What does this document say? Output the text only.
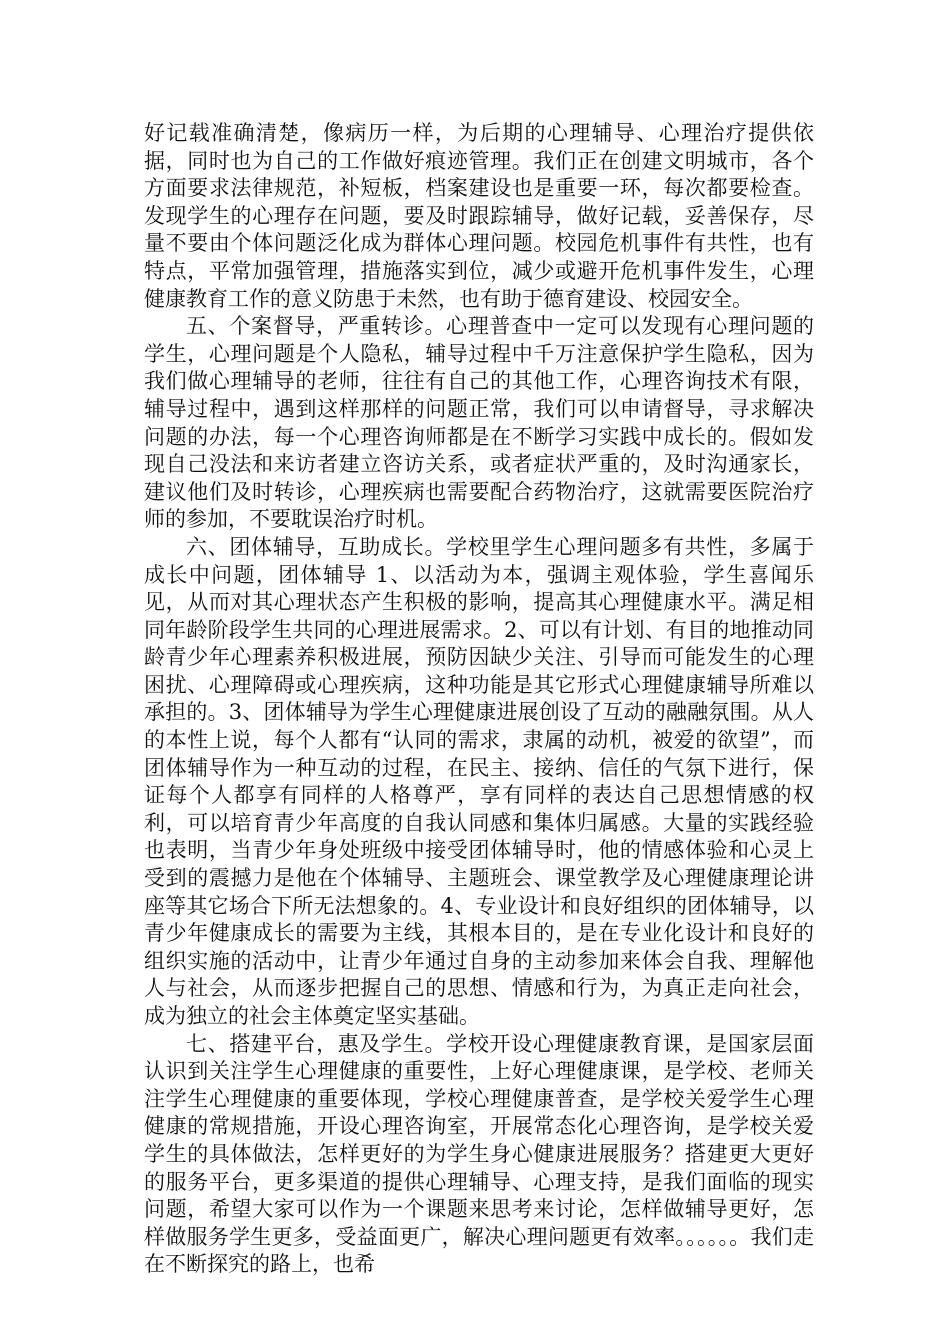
好记载准确清楚，像病历一样，为后期的心理辅导、心理治疗提供依据，同时也为自己的工作做好痕迹管理。我们正在创建文明城市，各个方面要求法律规范，补短板，档案建设也是重要一环，每次都要检查。发现学生的心理存在问题，要及时跟踪辅导，做好记载，妥善保存，尽量不要由个体问题泛化成为群体心理问题。校园危机事件有共性，也有特点，平常加强管理，措施落实到位，减少或避开危机事件发生，心理健康教育工作的意义防患于未然，也有助于德育建设、校园安全。

五、个案督导，严重转诊。心理普查中一定可以发现有心理问题的学生，心理问题是个人隐私，辅导过程中千万注意保护学生隐私，因为我们做心理辅导的老师，往往有自己的其他工作，心理咨询技术有限，辅导过程中，遇到这样那样的问题正常，我们可以申请督导，寻求解决问题的办法，每一个心理咨询师都是在不断学习实践中成长的。假如发现自己没法和来访者建立咨访关系，或者症状严重的，及时沟通家长，建议他们及时转诊，心理疾病也需要配合药物治疗，这就需要医院治疗师的参加，不要耽误治疗时机。

六、团体辅导，互助成长。学校里学生心理问题多有共性，多属于成长中问题，团体辅导 1、以活动为本，强调主观体验，学生喜闻乐见，从而对其心理状态产生积极的影响，提高其心理健康水平。满足相同年龄阶段学生共同的心理进展需求。2、可以有计划、有目的地推动同龄青少年心理素养积极进展，预防因缺少关注、引导而可能发生的心理困扰、心理障碍或心理疾病，这种功能是其它形式心理健康辅导所难以承担的。3、团体辅导为学生心理健康进展创设了互动的融融氛围。从人的本性上说，每个人都有“认同的需求，隶属的动机，被爱的欲望”，而团体辅导作为一种互动的过程，在民主、接纳、信任的气氛下进行，保证每个人都享有同样的人格尊严，享有同样的表达自己思想情感的权利，可以培育青少年高度的自我认同感和集体归属感。大量的实践经验也表明，当青少年身处班级中接受团体辅导时，他的情感体验和心灵上受到的震撼力是他在个体辅导、主题班会、课堂教学及心理健康理论讲座等其它场合下所无法想象的。4、专业设计和良好组织的团体辅导，以青少年健康成长的需要为主线，其根本目的，是在专业化设计和良好的组织实施的活动中，让青少年通过自身的主动参加来体会自我、理解他人与社会，从而逐步把握自己的思想、情感和行为，为真正走向社会，成为独立的社会主体奠定坚实基础。

七、搭建平台，惠及学生。学校开设心理健康教育课，是国家层面认识到关注学生心理健康的重要性，上好心理健康课，是学校、老师关注学生心理健康的重要体现，学校心理健康普查，是学校关爱学生心理健康的常规措施，开设心理咨询室，开展常态化心理咨询，是学校关爱学生的具体做法，怎样更好的为学生身心健康进展服务？搭建更大更好的服务平台，更多渠道的提供心理辅导、心理支持，是我们面临的现实问题，希望大家可以作为一个课题来思考来讨论，怎样做辅导更好，怎样做服务学生更多，受益面更广，解决心理问题更有效率。。。。。。我们走在不断探究的路上，也希
